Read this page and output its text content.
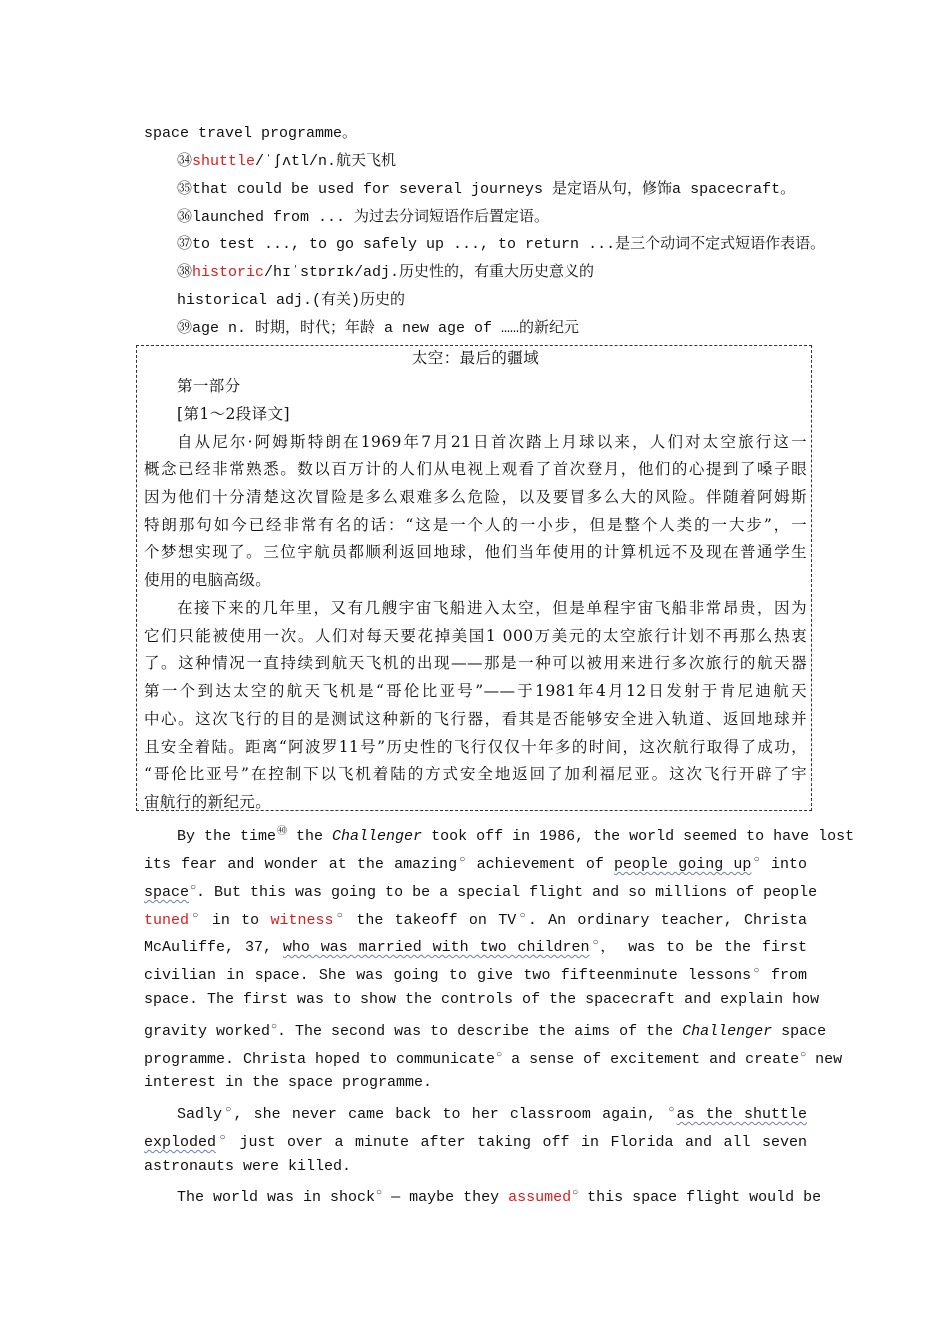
space travel programme。
㉞shuttle/ˈʃʌtl/n.航天飞机
㉟that could be used for several journeys 是定语从句，修饰a spacecraft。
㊱launched from ... 为过去分词短语作后置定语。
㊲to test ..., to go safely up ..., to return ...是三个动词不定式短语作表语。
㊳historic/hɪˈstɒrɪk/adj.历史性的，有重大历史意义的
historical adj.(有关)历史的
㊴age n. 时期，时代；年龄 a new age of ……的新纪元
太空：最后的疆域
第一部分
[第1～2段译文]
自从尼尔·阿姆斯特朗在1969年7月21日首次踏上月球以来，人们对太空旅行这一
概念已经非常熟悉。数以百万计的人们从电视上观看了首次登月，他们的心提到了嗓子眼
因为他们十分清楚这次冒险是多么艰难多么危险，以及要冒多么大的风险。伴随着阿姆斯
特朗那句如今已经非常有名的话：“这是一个人的一小步，但是整个人类的一大步”，一
个梦想实现了。三位宇航员都顺利返回地球，他们当年使用的计算机远不及现在普通学生
使用的电脑高级。
在接下来的几年里，又有几艘宇宙飞船进入太空，但是单程宇宙飞船非常昂贵，因为
它们只能被使用一次。人们对每天要花掉美国1 000万美元的太空旅行计划不再那么热衷
了。这种情况一直持续到航天飞机的出现——那是一种可以被用来进行多次旅行的航天器
第一个到达太空的航天飞机是“哥伦比亚号”——于1981年4月12日发射于肯尼迪航天
中心。这次飞行的目的是测试这种新的飞行器，看其是否能够安全进入轨道、返回地球并
且安全着陆。距离“阿波罗11号”历史性的飞行仅仅十年多的时间，这次航行取得了成功，
“哥伦比亚号”在控制下以飞机着陆的方式安全地返回了加利福尼亚。这次飞行开辟了宇
宙航行的新纪元。
By the time$^㊵$ the Challenger took off in 1986, the world seemed to have lost
its fear and wonder at the amazing○ achievement of people going up○ into
space○. But this was going to be a special flight and so millions of people
tuned○ in to witness○ the takeoff on TV○. An ordinary teacher, Christa
McAuliffe, 37, who was married with two children○， was to be the first
civilian in space. She was going to give two fifteenminute lessons○ from
space. The first was to show the controls of the spacecraft and explain how
gravity worked○. The second was to describe the aims of the Challenger space
programme. Christa hoped to communicate○ a sense of excitement and create○ new
interest in the space programme.
Sadly○, she never came back to her classroom again, ○as the shuttle
exploded○ just over a minute after taking off in Florida and all seven
astronauts were killed.
The world was in shock○ — maybe they assumed○ this space flight would be
